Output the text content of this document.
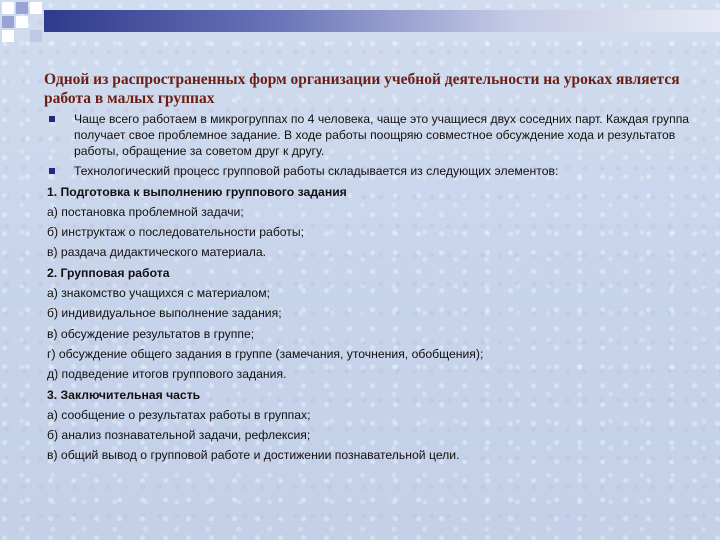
Одной из распространенных форм организации учебной деятельности на уроках является работа в малых группах
Чаще всего работаем в микрогруппах по 4 человека, чаще это учащиеся двух соседних парт. Каждая группа получает свое проблемное задание. В ходе работы поощряю совместное обсуждение хода и результатов работы, обращение за советом друг к другу.
Технологический процесс групповой работы складывается из следующих элементов:
1. Подготовка к выполнению группового задания
а) постановка проблемной задачи;
б) инструктаж о последовательности работы;
в) раздача дидактического материала.
2. Групповая работа
а) знакомство учащихся с материалом;
б) индивидуальное выполнение задания;
в) обсуждение результатов в группе;
г) обсуждение общего задания в группе (замечания, уточнения, обобщения);
д) подведение итогов группового задания.
3. Заключительная часть
а) сообщение о результатах работы в группах;
б) анализ познавательной задачи, рефлексия;
в) общий вывод о групповой работе и достижении познавательной цели.
